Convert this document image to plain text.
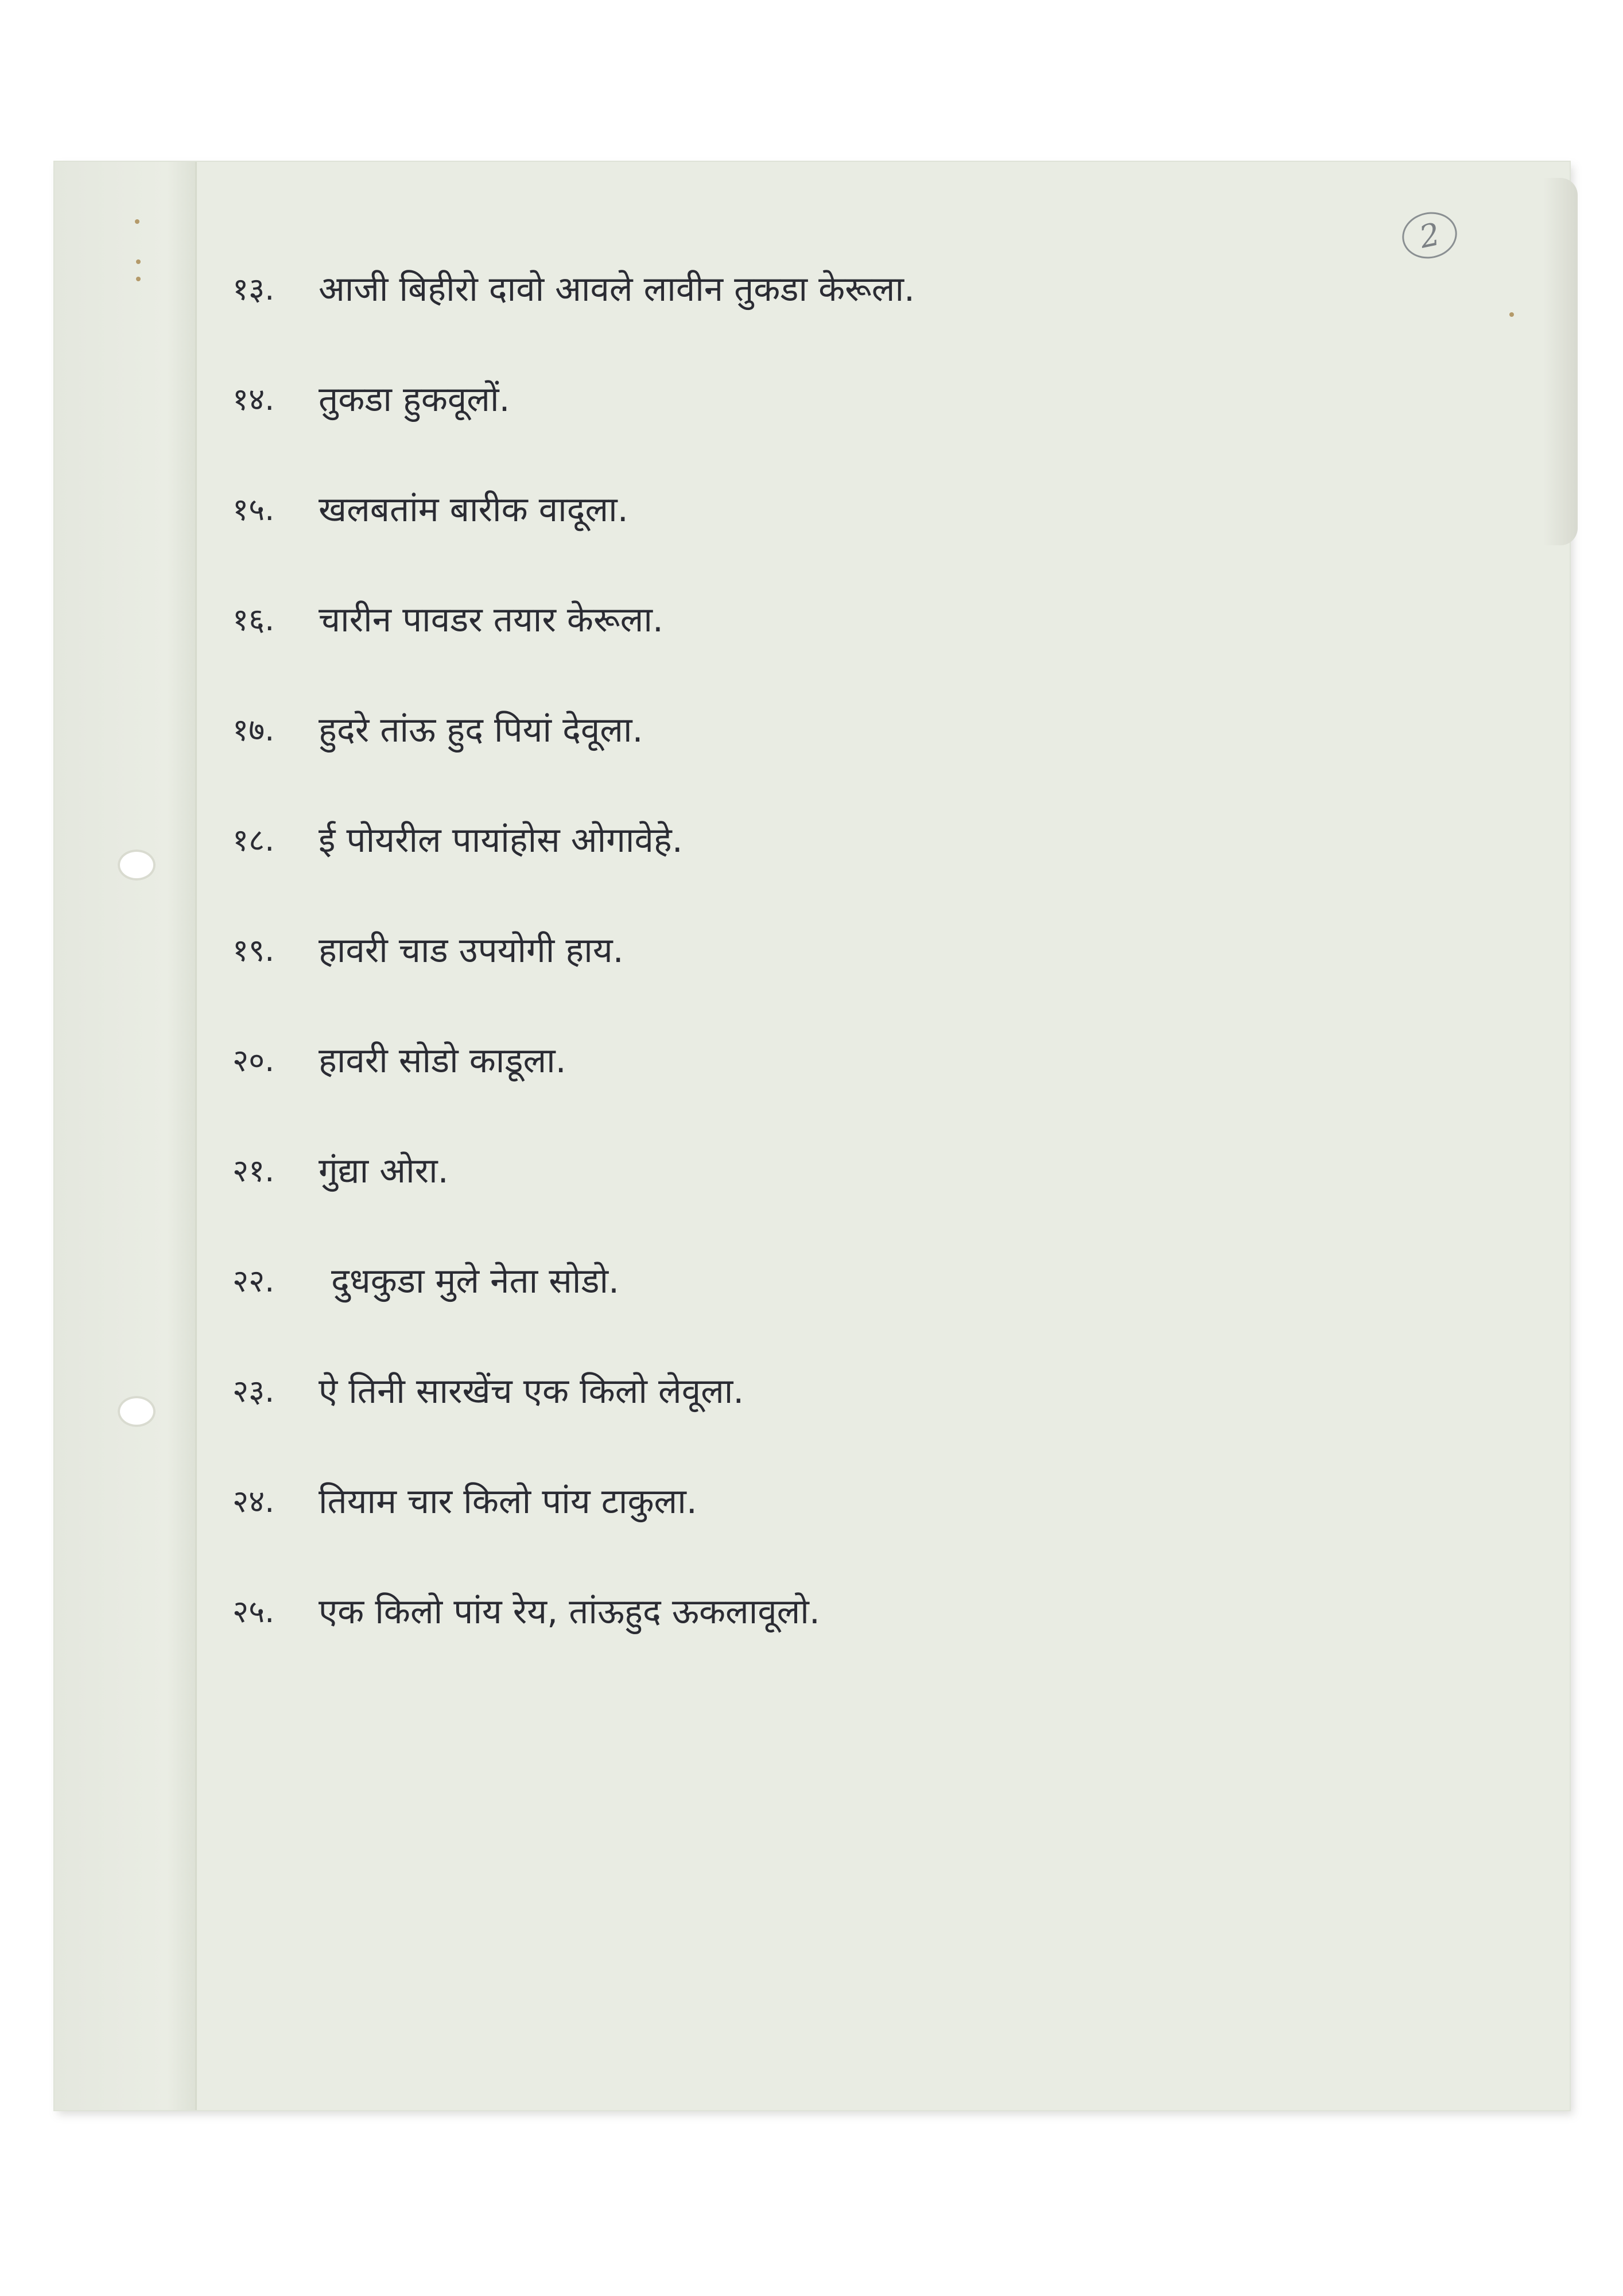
2
१३.	आजी बिहीरो दावो आवले लावीन तुकडा केरूला.
१४.	तुकडा हुकवूलों.
१५.	खलबतांम बारीक वादूला.
१६.	चारीन पावडर तयार केरूला.
१७.	हुदरे तांऊ हुद पियां देवूला.
१८.	ई पोयरील पायांहोस ओगावेहे.
१९.	हावरी चाड उपयोगी हाय.
२०.	हावरी सोडो काडूला.
२१.	गुंद्या ओरा.
२२.	दुधकुडा मुले नेता सोडो.
२३.	ऐ तिनी सारखेंच एक किलो लेवूला.
२४.	तियाम चार किलो पांय टाकुला.
२५.	एक किलो पांय रेय, तांऊहुद ऊकलावूलो.
